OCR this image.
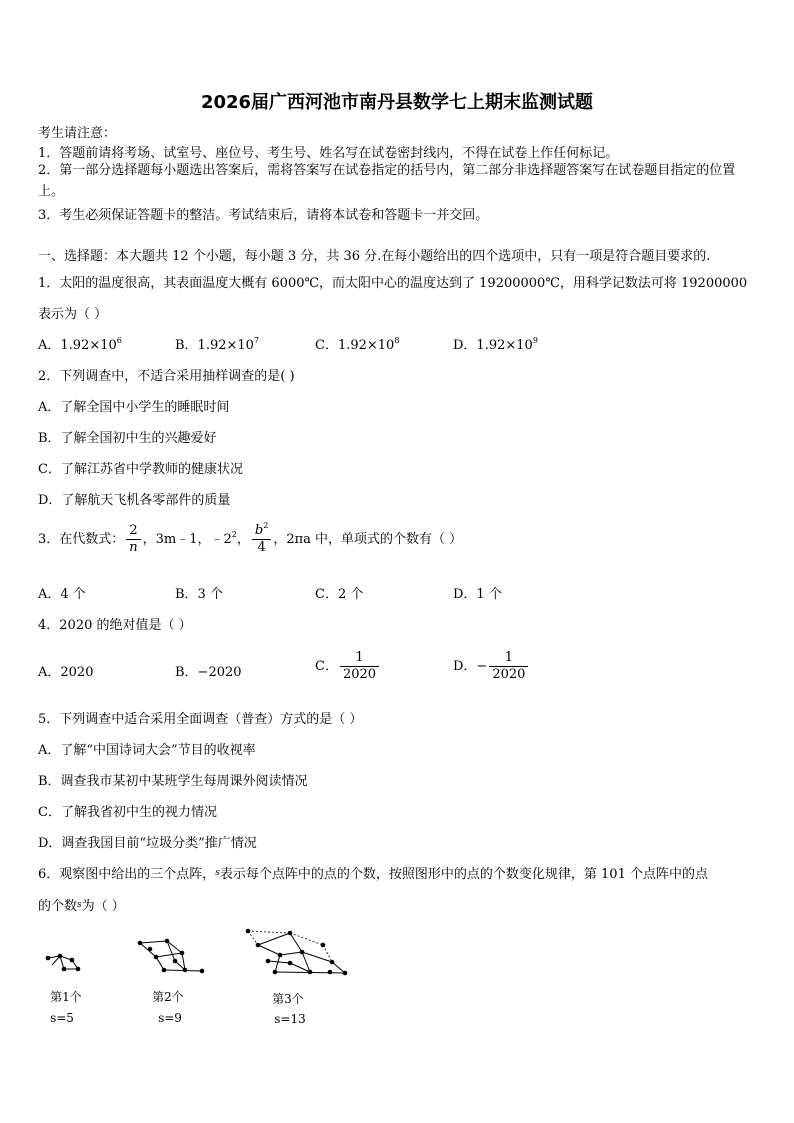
2026届广西河池市南丹县数学七上期末监测试题
考生请注意：
1．答题前请将考场、试室号、座位号、考生号、姓名写在试卷密封线内，不得在试卷上作任何标记。
2．第一部分选择题每小题选出答案后，需将答案写在试卷指定的括号内，第二部分非选择题答案写在试卷题目指定的位置上。
3．考生必须保证答题卡的整洁。考试结束后，请将本试卷和答题卡一并交回。
一、选择题：本大题共 12 个小题，每小题 3 分，共 36 分.在每小题给出的四个选项中，只有一项是符合题目要求的.
1．太阳的温度很高，其表面温度大概有 6000℃，而太阳中心的温度达到了 19200000℃，用科学记数法可将 19200000
表示为（ ）
A．$1.92\times 10^6$	B．$1.92\times 10^7$	C．$1.92\times 10^8$	D．$1.92\times 10^9$
2．下列调查中，不适合采用抽样调查的是( )
A．了解全国中小学生的睡眠时间
B．了解全国初中生的兴趣爱好
C．了解江苏省中学教师的健康状况
D．了解航天飞机各零部件的质量
3．在代数式： $\frac{2}{n}$ ，3m﹣1，$﹣2^2$， $\frac{b^2}{4}$ ，2πa 中，单项式的个数有（ ）
A．4 个	B．3 个	C．2 个	D．1 个
4．2020 的绝对值是（ ）
A．2020	B．−2020	C． $\frac{1}{2020}$	D．− $\frac{1}{2020}$
5．下列调查中适合采用全面调查（普查）方式的是（ ）
A．了解“中国诗词大会”节目的收视率
B．调查我市某初中某班学生每周课外阅读情况
C．了解我省初中生的视力情况
D．调查我国目前“垃圾分类”推广情况
6．观察图中给出的三个点阵，$^s$表示每个点阵中的点的个数，按照图形中的点的个数变化规律，第 101 个点阵中的点
的个数$^s$为（ ）
第1个
s=5
第2个
s=9
第3个
s=13
